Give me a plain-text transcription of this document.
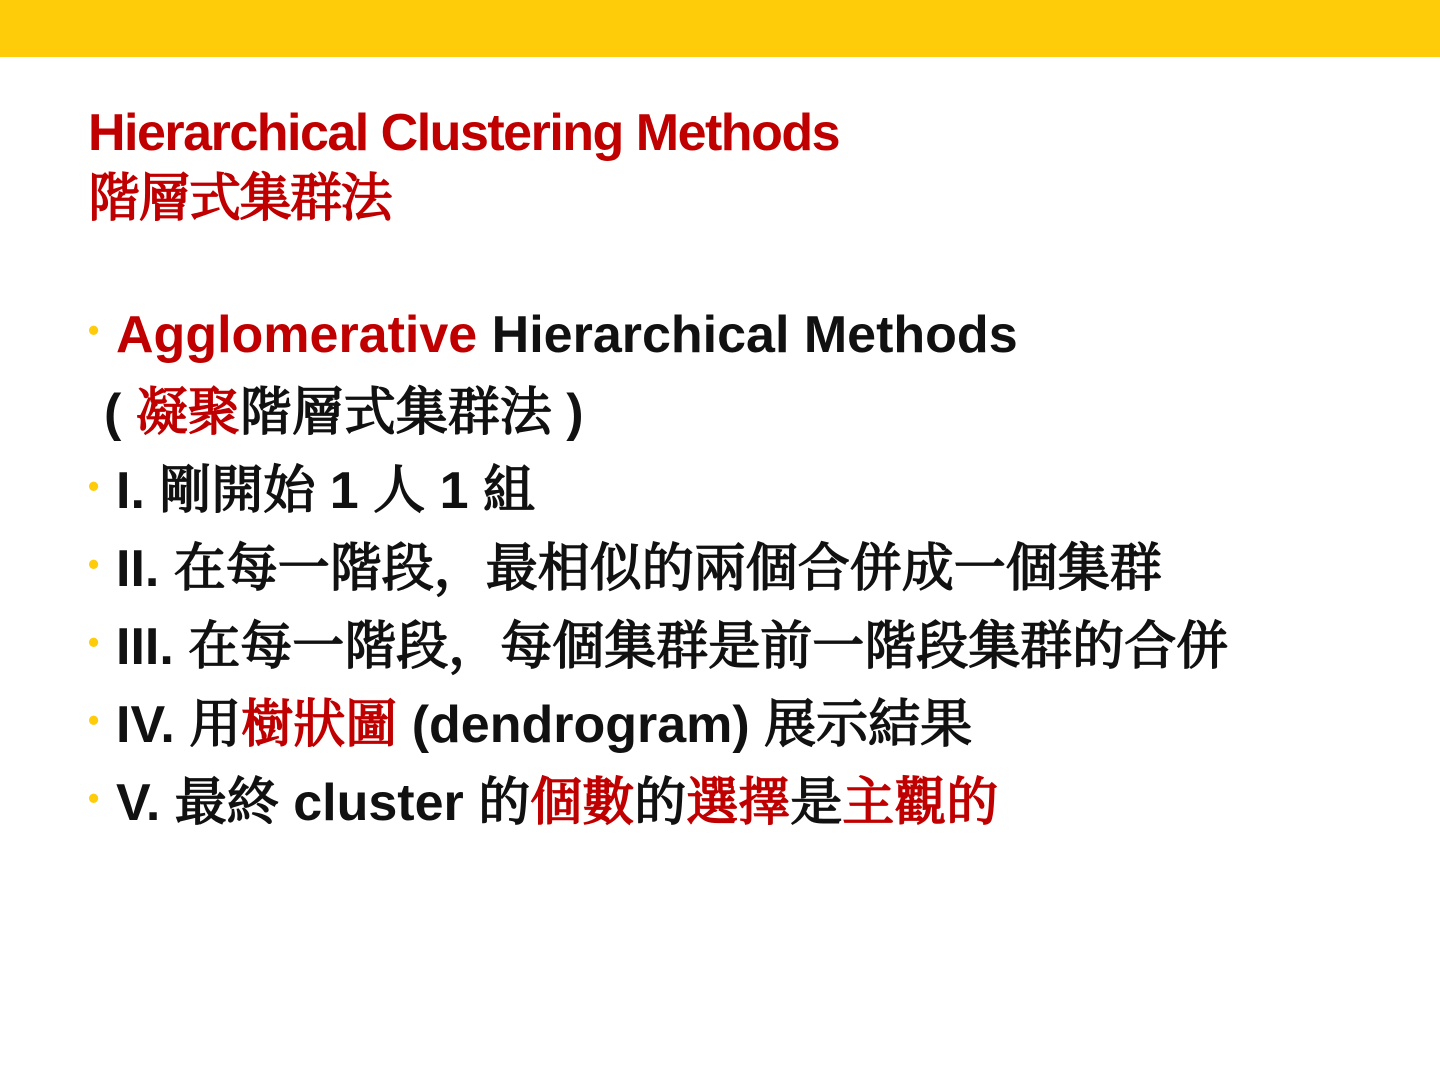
Hierarchical Clustering Methods
階層式集群法
• Agglomerative Hierarchical Methods
( 凝聚階層式集群法 )
• I. 剛開始 1 人 1 組
• II. 在每一階段，最相似的兩個合併成一個集群
• III. 在每一階段，每個集群是前一階段集群的合併
• IV. 用樹狀圖 (dendrogram) 展示結果
• V. 最終 cluster 的個數的選擇是主觀的
